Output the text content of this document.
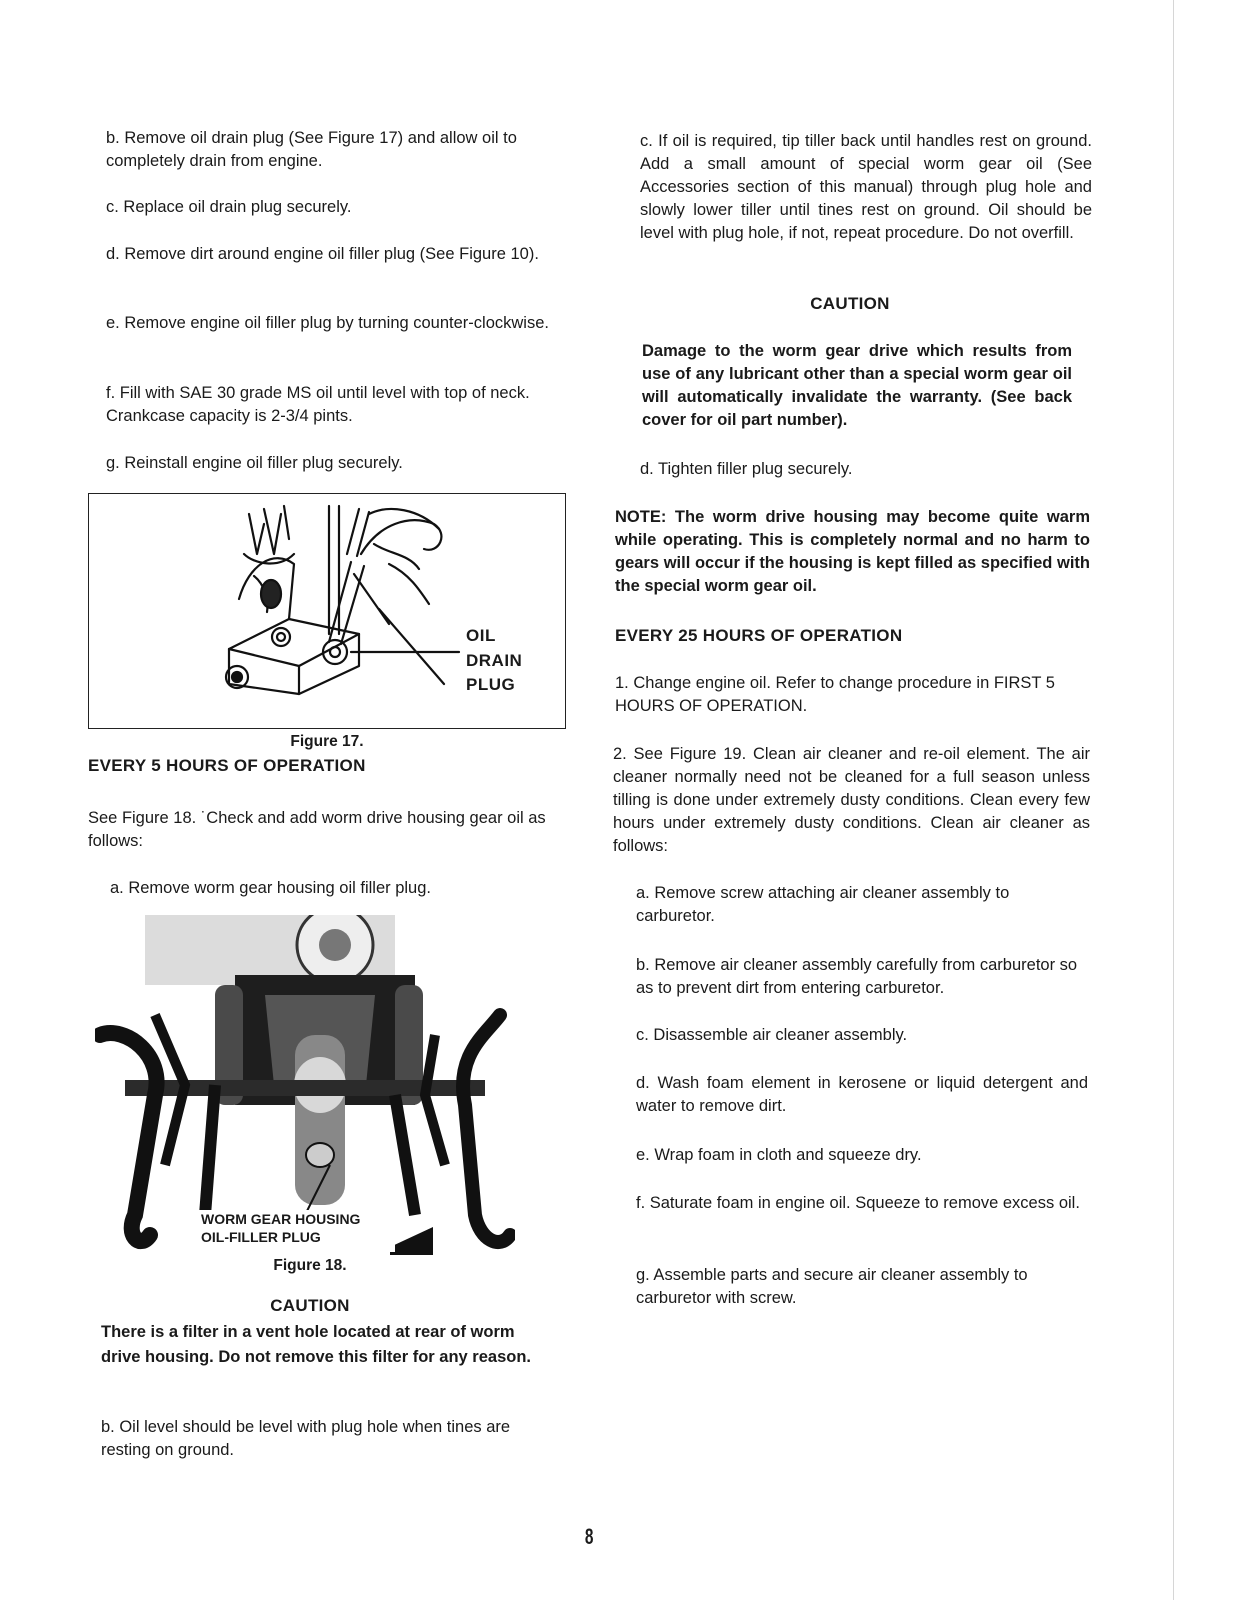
b. Remove oil drain plug (See Figure 17) and allow oil to completely drain from engine.

c. Replace oil drain plug securely.

d. Remove dirt around engine oil filler plug (See Figure 10).

e. Remove engine oil filler plug by turning counter-clockwise.

f. Fill with SAE 30 grade MS oil until level with top of neck. Crankcase capacity is 2-3/4 pints.

g. Reinstall engine oil filler plug securely.

OIL
DRAIN
PLUG

Figure 17.

EVERY 5 HOURS OF OPERATION

See Figure 18. ˙Check and add worm drive housing gear oil as follows:

a. Remove worm gear housing oil filler plug.

WORM GEAR HOUSING
OIL-FILLER PLUG

Figure 18.

CAUTION

There is a filter in a vent hole located at rear of worm drive housing. Do not remove this filter for any reason.

b. Oil level should be level with plug hole when tines are resting on ground.

c. If oil is required, tip tiller back until handles rest on ground. Add a small amount of special worm gear oil (See Accessories section of this manual) through plug hole and slowly lower tiller until tines rest on ground. Oil should be level with plug hole, if not, repeat procedure. Do not overfill.

CAUTION

Damage to the worm gear drive which results from use of any lubricant other than a special worm gear oil will automatically invalidate the warranty. (See back cover for oil part number).

d. Tighten filler plug securely.

NOTE: The worm drive housing may become quite warm while operating. This is completely normal and no harm to gears will occur if the housing is kept filled as specified with the special worm gear oil.

EVERY 25 HOURS OF OPERATION

1. Change engine oil. Refer to change procedure in FIRST 5 HOURS OF OPERATION.

2. See Figure 19. Clean air cleaner and re-oil element. The air cleaner normally need not be cleaned for a full season unless tilling is done under extremely dusty conditions. Clean every few hours under extremely dusty conditions. Clean air cleaner as follows:

a. Remove screw attaching air cleaner assembly to carburetor.

b. Remove air cleaner assembly carefully from carburetor so as to prevent dirt from entering carburetor.

c. Disassemble air cleaner assembly.

d. Wash foam element in kerosene or liquid detergent and water to remove dirt.

e. Wrap foam in cloth and squeeze dry.

f. Saturate foam in engine oil. Squeeze to remove excess oil.

g. Assemble parts and secure air cleaner assembly to carburetor with screw.

8
